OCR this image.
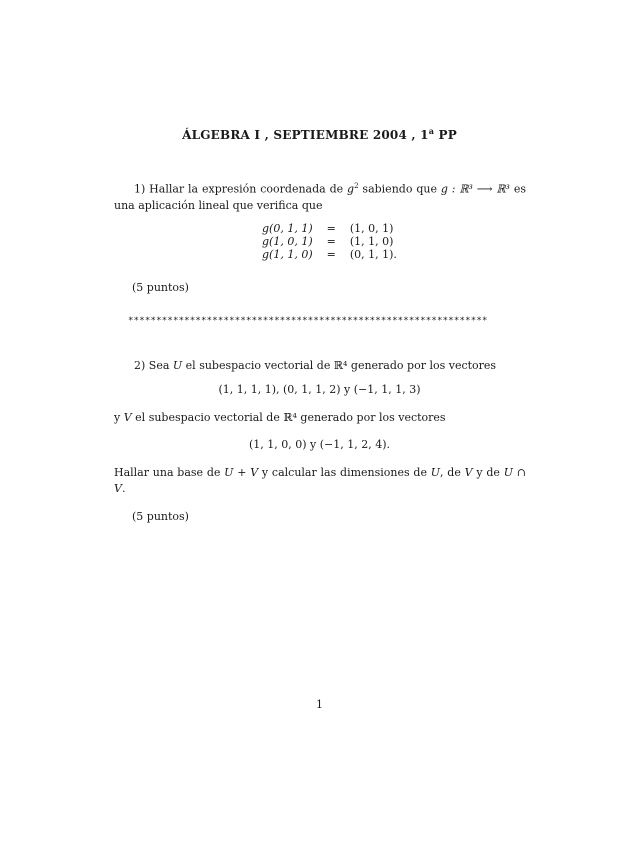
ÁLGEBRA I , SEPTIEMBRE 2004 , 1$^a$ PP
1) Hallar la expresión coordenada de $g^2$ sabiendo que g : ℝ³ ⟶ ℝ³ es una aplicación lineal que verifica que
g(0, 1, 1)	=	(1, 0, 1)
g(1, 0, 1)	=	(1, 1, 0)
g(1, 1, 0)	=	(0, 1, 1).
(5 puntos)
****************************************************************
2) Sea U el subespacio vectorial de ℝ⁴ generado por los vectores
(1, 1, 1, 1), (0, 1, 1, 2) y (−1, 1, 1, 3)
y V el subespacio vectorial de ℝ⁴ generado por los vectores
(1, 1, 0, 0) y (−1, 1, 2, 4).
Hallar una base de U + V y calcular las dimensiones de U, de V y de U ∩ V.
(5 puntos)
1
